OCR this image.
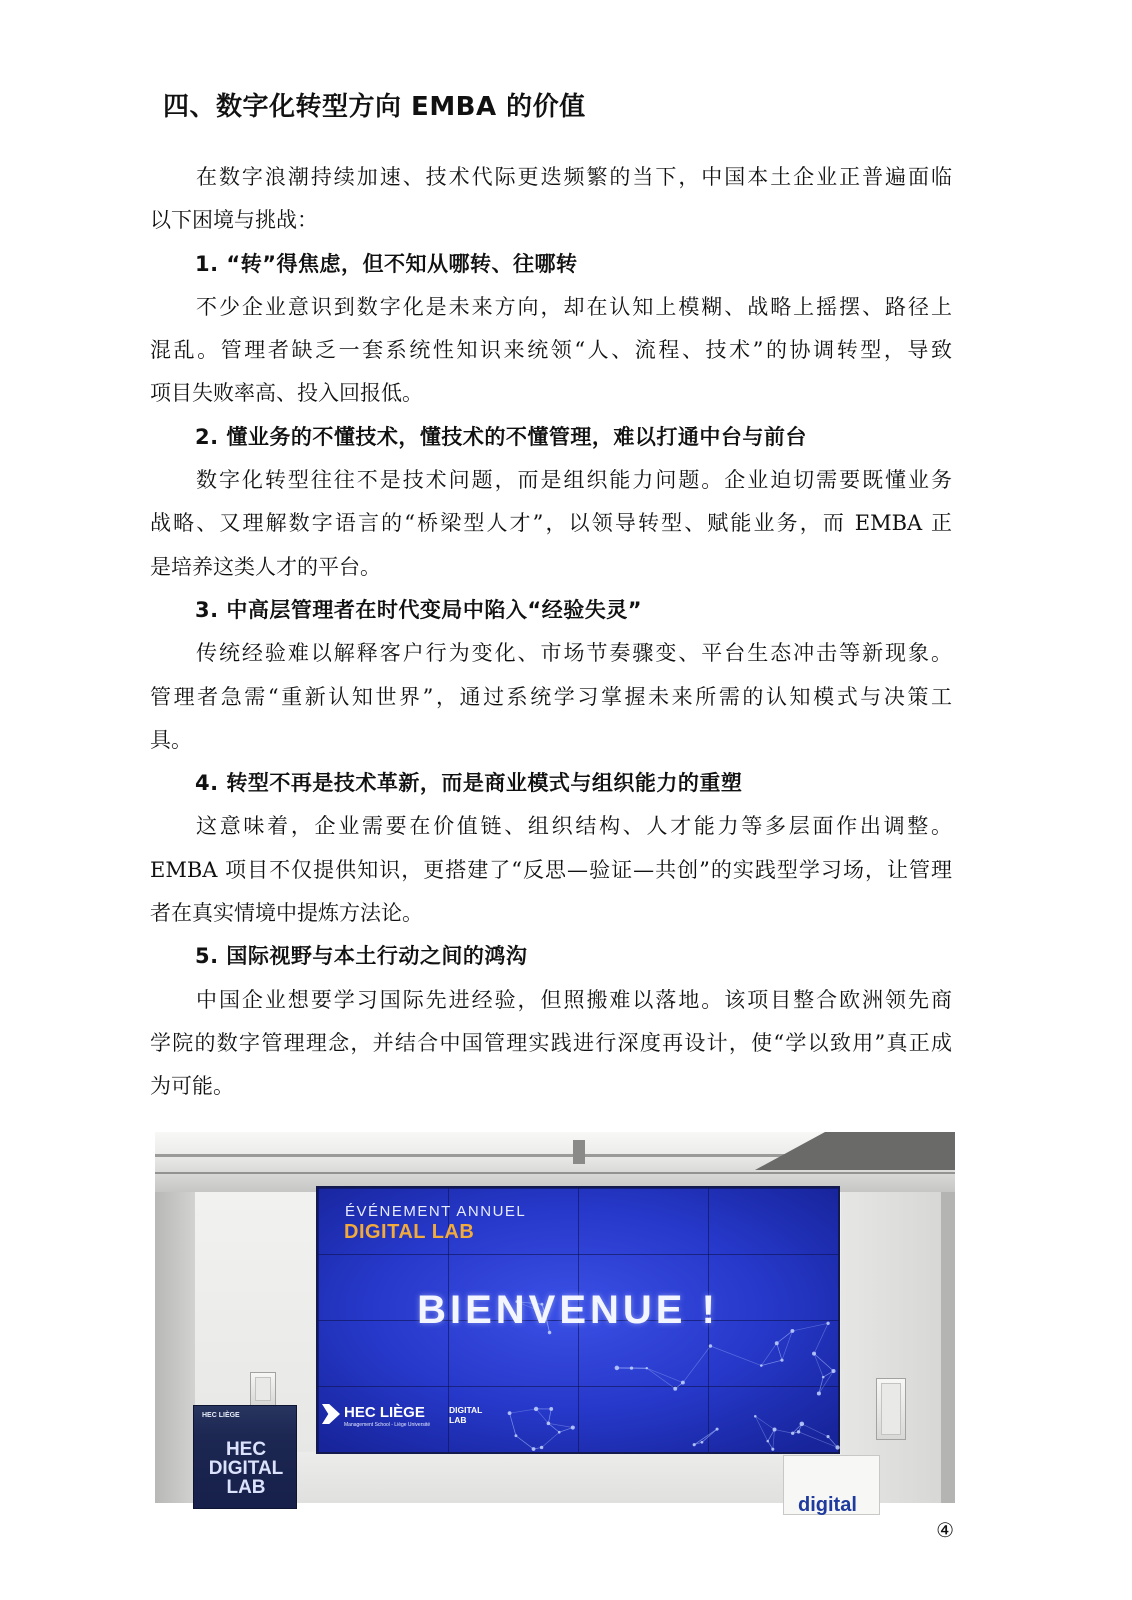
四、数字化转型方向 EMBA 的价值
在数字浪潮持续加速、技术代际更迭频繁的当下，中国本土企业正普遍面临
以下困境与挑战：
1. “转”得焦虑，但不知从哪转、往哪转
不少企业意识到数字化是未来方向，却在认知上模糊、战略上摇摆、路径上
混乱。管理者缺乏一套系统性知识来统领“人、流程、技术”的协调转型，导致
项目失败率高、投入回报低。
2. 懂业务的不懂技术，懂技术的不懂管理，难以打通中台与前台
数字化转型往往不是技术问题，而是组织能力问题。企业迫切需要既懂业务
战略、又理解数字语言的“桥梁型人才”，以领导转型、赋能业务，而 EMBA 正
是培养这类人才的平台。
3. 中高层管理者在时代变局中陷入“经验失灵”
传统经验难以解释客户行为变化、市场节奏骤变、平台生态冲击等新现象。
管理者急需“重新认知世界”，通过系统学习掌握未来所需的认知模式与决策工
具。
4. 转型不再是技术革新，而是商业模式与组织能力的重塑
这意味着，企业需要在价值链、组织结构、人才能力等多层面作出调整。
EMBA 项目不仅提供知识，更搭建了“反思—验证—共创”的实践型学习场，让管理
者在真实情境中提炼方法论。
5. 国际视野与本土行动之间的鸿沟
中国企业想要学习国际先进经验，但照搬难以落地。该项目整合欧洲领先商
学院的数字管理理念，并结合中国管理实践进行深度再设计，使“学以致用”真正成
为可能。
ÉVÉNEMENT ANNUEL
DIGITAL LAB
BIENVENUE !
HEC LIÈGE
Management School - Liège Université
DIGITAL
LAB
HEC LIÈGE
HEC
DIGITAL
LAB
digital
④
